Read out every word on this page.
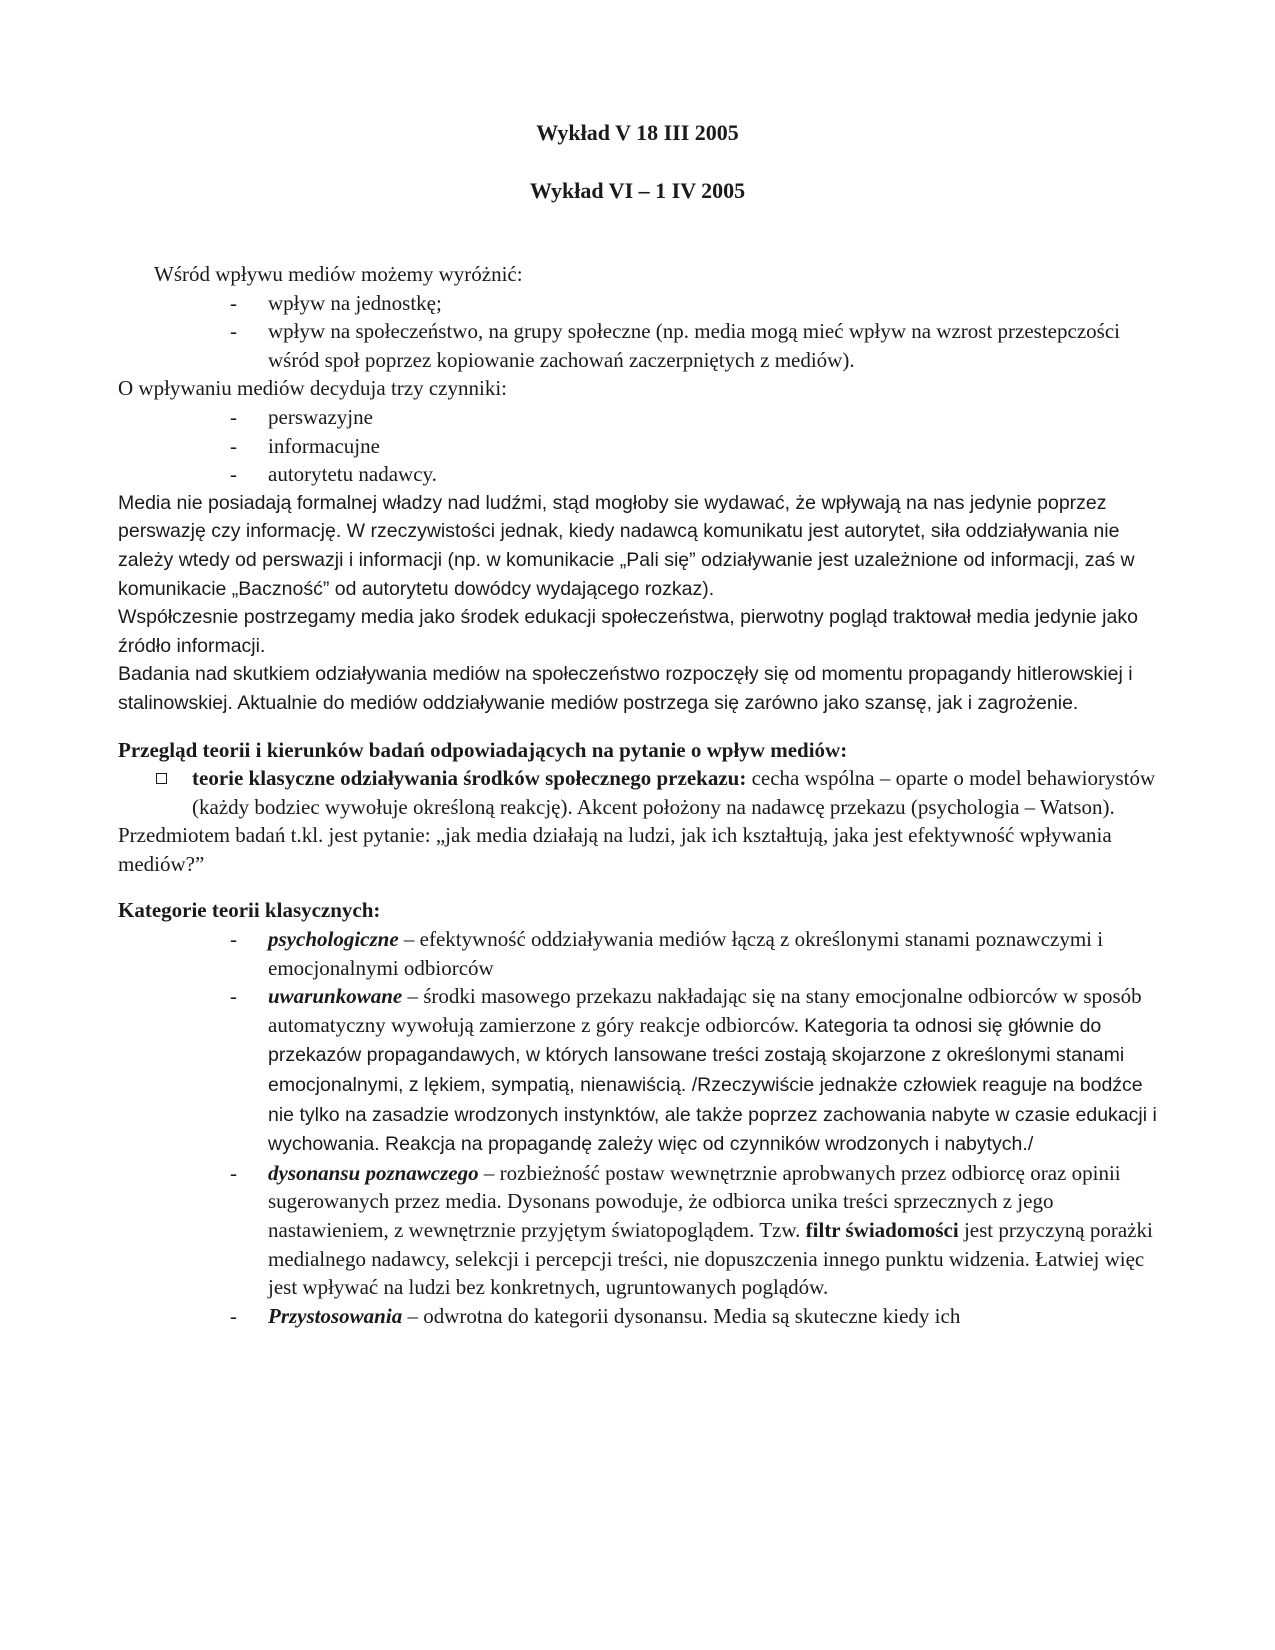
Wykład V 18 III 2005
Wykład VI – 1 IV 2005

Wśród wpływu mediów możemy wyróżnić:

- wpływ na jednostkę;
- wpływ na społeczeństwo, na grupy społeczne (np. media mogą mieć wpływ na wzrost przestepczości wśród społ poprzez kopiowanie zachowań zaczerpniętych z mediów).

O wpływaniu mediów decyduja trzy czynniki:

- perswazyjne
- informacujne
- autorytetu nadawcy.

Media nie posiadają formalnej władzy nad ludźmi, stąd mogłoby sie wydawać, że wpływają na nas jedynie poprzez perswazję czy informację. W rzeczywistości jednak, kiedy nadawcą komunikatu jest autorytet, siła oddziaływania nie zależy wtedy od perswazji i informacji (np. w komunikacie „Pali się” odziaływanie jest uzależnione od informacji, zaś w komunikacie „Baczność” od autorytetu dowódcy wydającego rozkaz).

Współczesnie postrzegamy media jako środek edukacji społeczeństwa, pierwotny pogląd traktował media jedynie jako źródło informacji.

Badania nad skutkiem odziaływania mediów na społeczeństwo rozpoczęły się od momentu propagandy hitlerowskiej i stalinowskiej. Aktualnie do mediów oddziaływanie mediów postrzega się zarówno jako szansę, jak i zagrożenie.

Przegląd teorii i kierunków badań odpowiadających na pytanie o wpływ mediów:

teorie klasyczne odziaływania środków społecznego przekazu: cecha wspólna – oparte o model behawiorystów (każdy bodziec wywołuje określoną reakcję). Akcent położony na nadawcę przekazu (psychologia – Watson).

Przedmiotem badań t.kl. jest pytanie: „jak media działają na ludzi, jak ich kształtują, jaka jest efektywność wpływania mediów?”

Kategorie teorii klasycznych:

- psychologiczne – efektywność oddziaływania mediów łączą z określonymi stanami poznawczymi i emocjonalnymi odbiorców
- uwarunkowane – środki masowego przekazu nakładając się na stany emocjonalne odbiorców w sposób automatyczny wywołują zamierzone z góry reakcje odbiorców. Kategoria ta odnosi się głównie do przekazów propagandawych, w których lansowane treści zostają skojarzone z określonymi stanami emocjonalnymi, z lękiem, sympatią, nienawiścią. /Rzeczywiście jednakże człowiek reaguje na bodźce nie tylko na zasadzie wrodzonych instynktów, ale także poprzez zachowania nabyte w czasie edukacji i wychowania. Reakcja na propagandę zależy więc od czynników wrodzonych i nabytych./
- dysonansu poznawczego – rozbieżność postaw wewnętrznie aprobwanych przez odbiorcę oraz opinii sugerowanych przez media. Dysonans powoduje, że odbiorca unika treści sprzecznych z jego nastawieniem, z wewnętrznie przyjętym światopoglądem. Tzw. filtr świadomości jest przyczyną porażki medialnego nadawcy, selekcji i percepcji treści, nie dopuszczenia innego punktu widzenia. Łatwiej więc jest wpływać na ludzi bez konkretnych, ugruntowanych poglądów.
- Przystosowania – odwrotna do kategorii dysonansu. Media są skuteczne kiedy ich
